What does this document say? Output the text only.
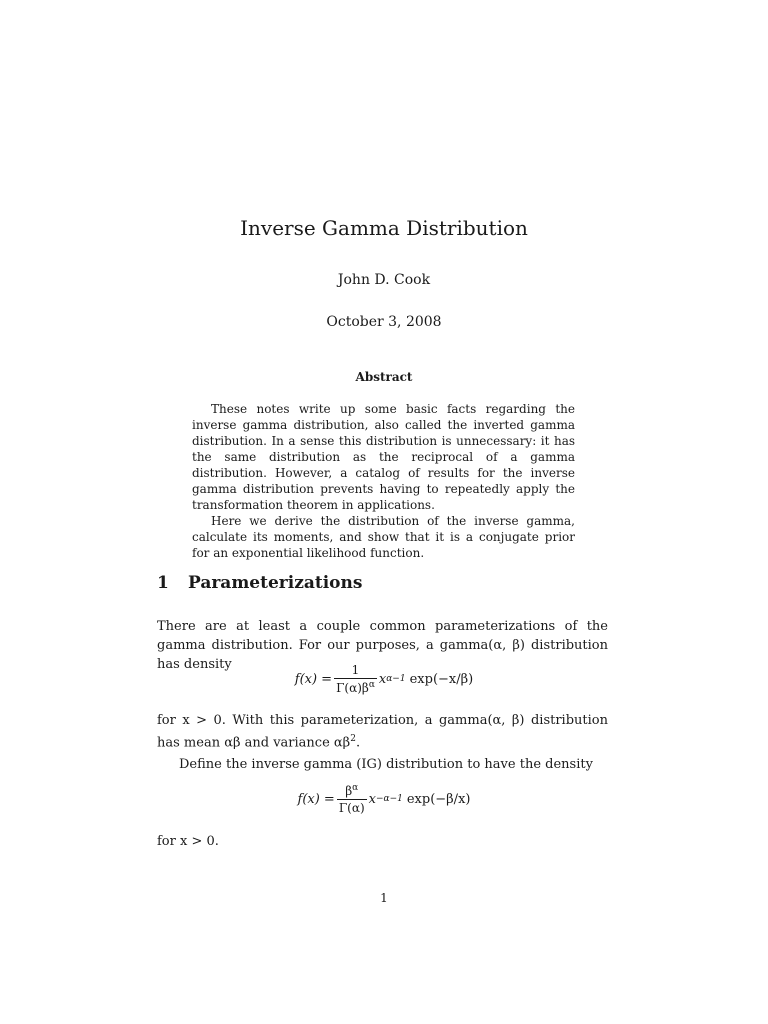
Inverse Gamma Distribution
John D. Cook
October 3, 2008
Abstract

These notes write up some basic facts regarding the inverse gamma distribution, also called the inverted gamma distribution. In a sense this distribution is unnecessary: it has the same distribution as the reciprocal of a gamma distribution. However, a catalog of results for the inverse gamma distribution prevents having to repeatedly apply the transformation theorem in applications.

Here we derive the distribution of the inverse gamma, calculate its moments, and show that it is a conjugate prior for an exponential likelihood function.

1 Parameterizations
There are at least a couple common parameterizations of the gamma distribution. For our purposes, a gamma(α, β) distribution has density
$f(x) = \frac{1}{\Gamma(\alpha)\beta^\alpha}$ x α−1 exp(−x/β)
for x > 0. With this parameterization, a gamma(α, β) distribution has mean αβ and variance $\alpha\beta^2$.
Define the inverse gamma (IG) distribution to have the density
$f(x) = \frac{\beta^\alpha}{\Gamma(\alpha)}$ x −α−1 exp(−β/x)
for x > 0.
1
